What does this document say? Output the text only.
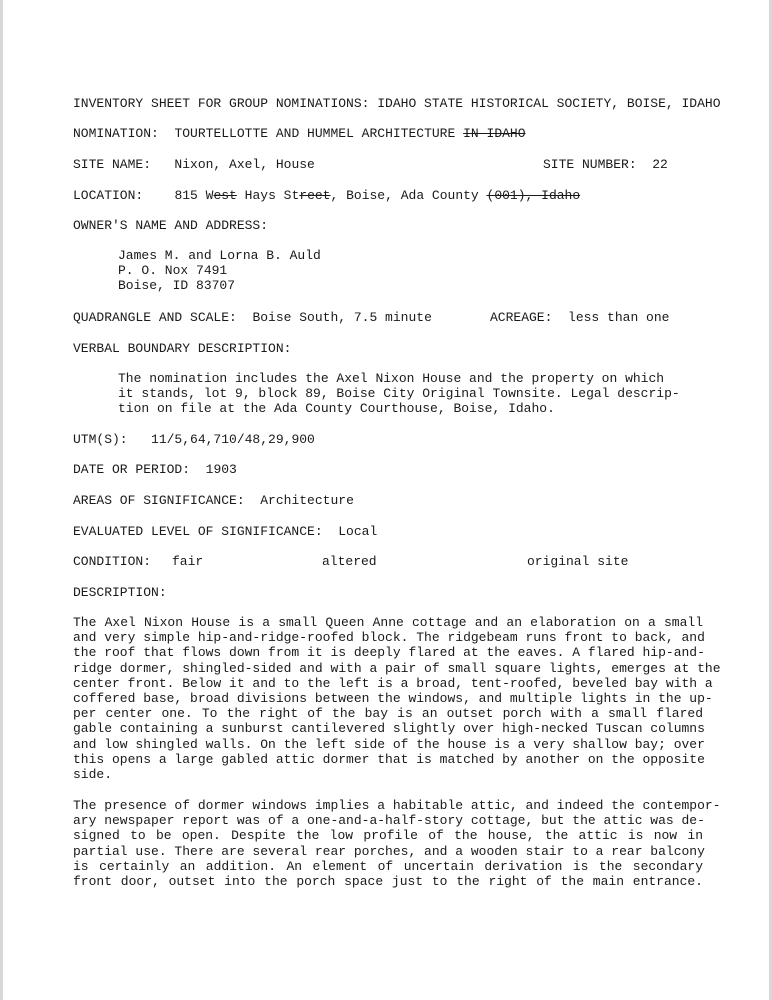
INVENTORY SHEET FOR GROUP NOMINATIONS: IDAHO STATE HISTORICAL SOCIETY, BOISE, IDAHO
NOMINATION: TOURTELLOTTE AND HUMMEL ARCHITECTURE IN IDAHO
SITE NAME: Nixon, Axel, House	SITE NUMBER: 22
LOCATION: 815 West Hays Street, Boise, Ada County (001), Idaho
OWNER'S NAME AND ADDRESS:
James M. and Lorna B. Auld
P. O. Nox 7491
Boise, ID 83707
QUADRANGLE AND SCALE: Boise South, 7.5 minute	ACREAGE: less than one
VERBAL BOUNDARY DESCRIPTION:
The nomination includes the Axel Nixon House and the property on which
it stands, lot 9, block 89, Boise City Original Townsite. Legal descrip-
tion on file at the Ada County Courthouse, Boise, Idaho.
UTM(S): 11/5,64,710/48,29,900
DATE OR PERIOD: 1903
AREAS OF SIGNIFICANCE: Architecture
EVALUATED LEVEL OF SIGNIFICANCE: Local
CONDITION: fair	altered	original site
DESCRIPTION:
The Axel Nixon House is a small Queen Anne cottage and an elaboration on a small
and very simple hip-and-ridge-roofed block. The ridgebeam runs front to back, and
the roof that flows down from it is deeply flared at the eaves. A flared hip-and-
ridge dormer, shingled-sided and with a pair of small square lights, emerges at the
center front. Below it and to the left is a broad, tent-roofed, beveled bay with a
coffered base, broad divisions between the windows, and multiple lights in the up-
per center one. To the right of the bay is an outset porch with a small flared
gable containing a sunburst cantilevered slightly over high-necked Tuscan columns
and low shingled walls. On the left side of the house is a very shallow bay; over
this opens a large gabled attic dormer that is matched by another on the opposite
side.
The presence of dormer windows implies a habitable attic, and indeed the contempor-
ary newspaper report was of a one-and-a-half-story cottage, but the attic was de-
signed to be open. Despite the low profile of the house, the attic is now in
partial use. There are several rear porches, and a wooden stair to a rear balcony
is certainly an addition. An element of uncertain derivation is the secondary
front door, outset into the porch space just to the right of the main entrance.
